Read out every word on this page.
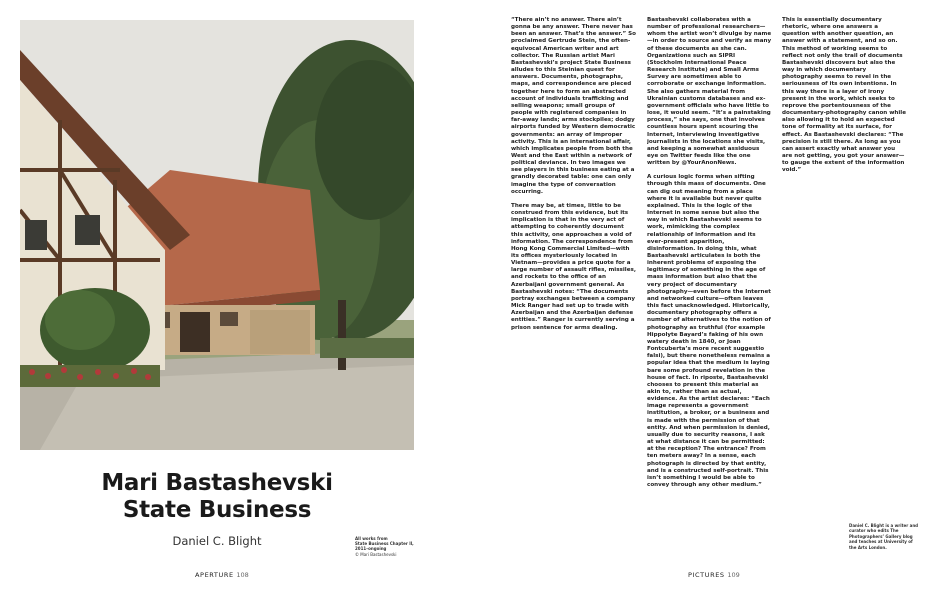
Mari Bastashevski
State Business
Daniel C. Blight	All works from
State Business Chapter II,
2011–ongoing
© Mari Bastashevski
APERTURE 108

“There ain’t no answer. There ain’t gonna be any answer. There never has been an answer. That’s the answer.” So proclaimed Gertrude Stein, the often-equivocal American writer and art collector. The Russian artist Mari Bastashevski’s project State Business alludes to this Steinian quest for answers. Documents, photographs, maps, and correspondence are pieced together here to form an abstracted account of individuals trafficking and selling weapons; small groups of people with registered companies in far-away lands; arms stockpiles; dodgy airports funded by Western democratic governments: an array of improper activity. This is an international affair, which implicates people from both the West and the East within a network of political deviance. In two images we see players in this business eating at a grandly decorated table: one can only imagine the type of conversation occurring.

There may be, at times, little to be construed from this evidence, but its implication is that in the very act of attempting to coherently document this activity, one approaches a void of information. The correspondence from Hong Kong Commercial Limited—with its offices mysteriously located in Vietnam—provides a price quote for a large number of assault rifles, missiles, and rockets to the office of an Azerbaijani government general. As Bastashevski notes: “The documents portray exchanges between a company Mick Ranger had set up to trade with Azerbaijan and the Azerbaijan defense entities.” Ranger is currently serving a prison sentence for arms dealing.

Bastashevski collaborates with a number of professional researchers—whom the artist won’t divulge by name—in order to source and verify as many of these documents as she can. Organizations such as SIPRI (Stockholm International Peace Research Institute) and Small Arms Survey are sometimes able to corroborate or exchange information. She also gathers material from Ukrainian customs databases and ex-government officials who have little to lose, it would seem. “It’s a painstaking process,” she says, one that involves countless hours spent scouring the Internet, interviewing investigative journalists in the locations she visits, and keeping a somewhat assiduous eye on Twitter feeds like the one written by @YourAnonNews.

A curious logic forms when sifting through this mass of documents. One can dig out meaning from a place where it is available but never quite explained. This is the logic of the Internet in some sense but also the way in which Bastashevski seems to work, mimicking the complex relationship of information and its ever-present apparition, disinformation. In doing this, what Bastashevski articulates is both the inherent problems of exposing the legitimacy of something in the age of mass information but also that the very project of documentary photography—even before the Internet and networked culture—often leaves this fact unacknowledged. Historically, documentary photography offers a number of alternatives to the notion of photography as truthful (for example Hippolyte Bayard’s faking of his own watery death in 1840, or Joan Fontcuberta’s more recent suggestio falsi), but there nonetheless remains a popular idea that the medium is laying bare some profound revelation in the house of fact. In riposte, Bastashevski chooses to present this material as akin to, rather than as actual, evidence. As the artist declares: “Each image represents a government institution, a broker, or a business and is made with the permission of that entity. And when permission is denied, usually due to security reasons, I ask at what distance it can be permitted: at the reception? The entrance? From ten meters away? In a sense, each photograph is directed by that entity, and is a constructed self-portrait. This isn’t something I would be able to convey through any other medium.”

This is essentially documentary rhetoric, where one answers a question with another question, an answer with a statement, and so on. This method of working seems to reflect not only the trail of documents Bastashevski discovers but also the way in which documentary photography seems to revel in the seriousness of its own intentions. In this way there is a layer of irony present in the work, which seeks to reprove the portentousness of the documentary-photography canon while also allowing it to hold an expected tone of formality at its surface, for effect. As Bastashevski declares: “The precision is still there. As long as you can assert exactly what answer you are not getting, you got your answer—to gauge the extent of the information void.”

Daniel C. Blight is a writer and curator who edits The Photographers’ Gallery blog and teaches at University of the Arts London.
PICTURES 109
